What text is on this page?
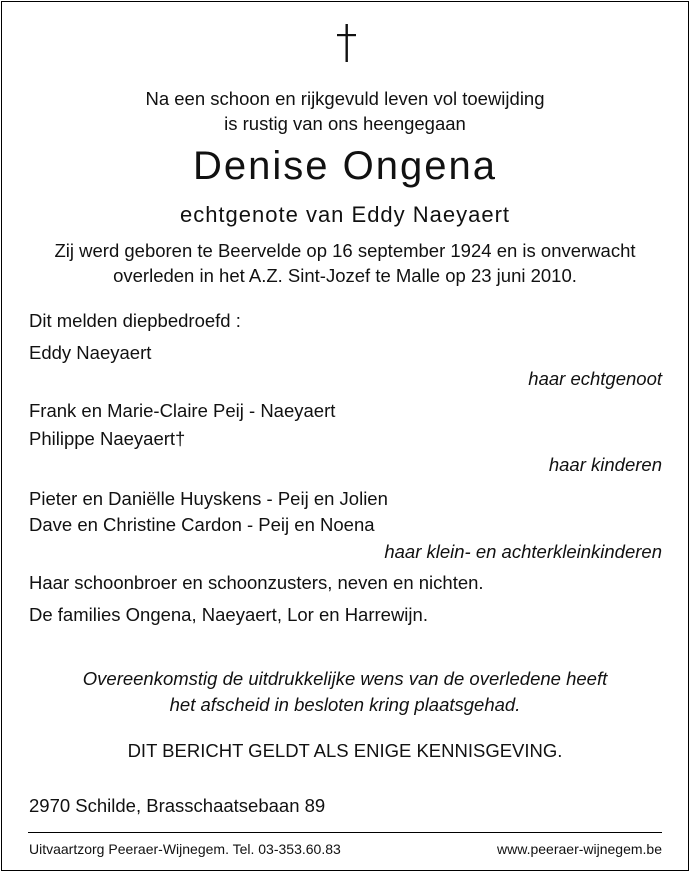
Na een schoon en rijkgevuld leven vol toewijding
is rustig van ons heengegaan
Denise Ongena
echtgenote van Eddy Naeyaert
Zij werd geboren te Beervelde op 16 september 1924 en is onverwacht
overleden in het A.Z. Sint-Jozef te Malle op 23 juni 2010.
Dit melden diepbedroefd :
Eddy Naeyaert
haar echtgenoot
Frank en Marie-Claire Peij - Naeyaert
Philippe Naeyaert†
haar kinderen
Pieter en Daniëlle Huyskens - Peij en Jolien
Dave en Christine Cardon - Peij en Noena
haar klein- en achterkleinkinderen
Haar schoonbroer en schoonzusters, neven en nichten.
De families Ongena, Naeyaert, Lor en Harrewijn.
Overeenkomstig de uitdrukkelijke wens van de overledene heeft
het afscheid in besloten kring plaatsgehad.
DIT BERICHT GELDT ALS ENIGE KENNISGEVING.
2970 Schilde, Brasschaatsebaan 89
Uitvaartzorg Peeraer-Wijnegem. Tel. 03-353.60.83	www.peeraer-wijnegem.be
